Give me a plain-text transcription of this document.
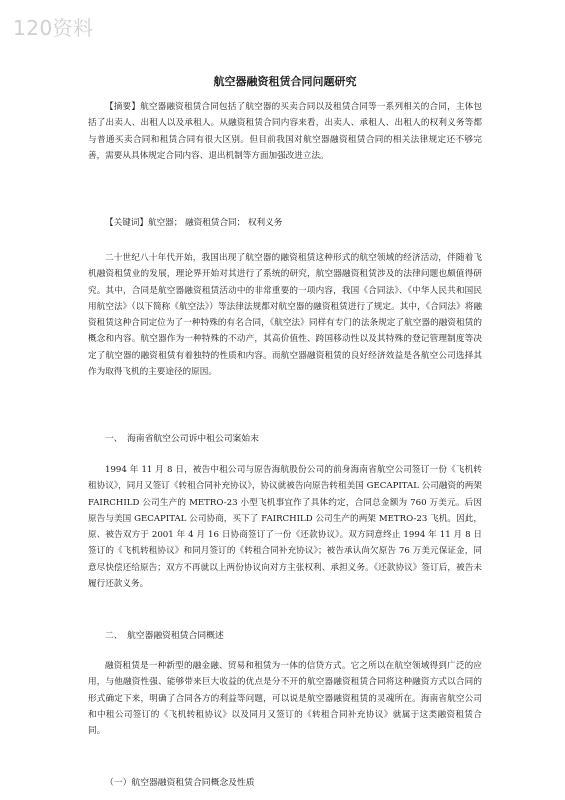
120资料
航空器融资租赁合同问题研究

【摘要】航空器融资租赁合同包括了航空器的买卖合同以及租赁合同等一系列相关的合同，主体包括了出卖人、出租人以及承租人。从融资租赁合同内容来看，出卖人、承租人、出租人的权利义务等都与普通买卖合同和租赁合同有很大区别。但目前我国对航空器融资租赁合同的相关法律规定还不够完善，需要从具体规定合同内容、退出机制等方面加强改进立法。

【关键词】航空器； 融资租赁合同； 权利义务

二十世纪八十年代开始，我国出现了航空器的融资租赁这种形式的航空领域的经济活动，伴随着飞机融资租赁业的发展，理论界开始对其进行了系统的研究，航空器融资租赁涉及的法律问题也颇值得研究。其中，合同是航空器融资租赁活动中的非常重要的一项内容，我国《合同法》、《中华人民共和国民用航空法》（以下简称《航空法》）等法律法规都对航空器的融资租赁进行了规定。其中，《合同法》将融资租赁这种合同定位为了一种特殊的有名合同，《航空法》同样有专门的法条规定了航空器的融资租赁的概念和内容。航空器作为一种特殊的不动产，其高价值性、跨国移动性以及其特殊的登记管理制度等决定了航空器的融资租赁有着独特的性质和内容。而航空器融资租赁的良好经济效益是各航空公司选择其作为取得飞机的主要途径的原因。

一、　海南省航空公司诉中租公司案始末

1994 年 11 月 8 日，被告中租公司与原告海航股份公司的前身海南省航空公司签订一份《飞机转租协议》，同月又签订《转租合同补充协议》，协议就被告向原告转租美国 GECAPITAL 公司融资的两架 FAIRCHILD 公司生产的 METRO-23 小型飞机事宜作了具体约定，合同总金额为 760 万美元。后因原告与美国 GECAPITAL 公司协商，买下了 FAIRCHILD 公司生产的两架 METRO-23 飞机。因此，原、被告双方于 2001 年 4 月 16 日协商签订了一份《还款协议》。双方同意终止 1994 年 11 月 8 日签订的《飞机转租协议》和同月签订的《转租合同补充协议》；被告承认尚欠原告 76 万美元保证金，同意尽快偿还给原告；双方不再就以上两份协议向对方主张权利、承担义务。《还款协议》签订后，被告未履行还款义务。

二、　航空器融资租赁合同概述

融资租赁是一种新型的融金融、贸易和租赁为一体的信贷方式。它之所以在航空领域得到广泛的应用，与他融资性强、能够带来巨大收益的优点是分不开的航空器融资租赁合同将这种融资方式以合同的形式确定下来，明确了合同各方的利益等问题，可以说是航空器融资租赁的灵魂所在。海南省航空公司和中租公司签订的《飞机转租协议》以及同月又签订的《转租合同补充协议》就属于这类融资租赁合同。

（一）航空器融资租赁合同概念及性质
